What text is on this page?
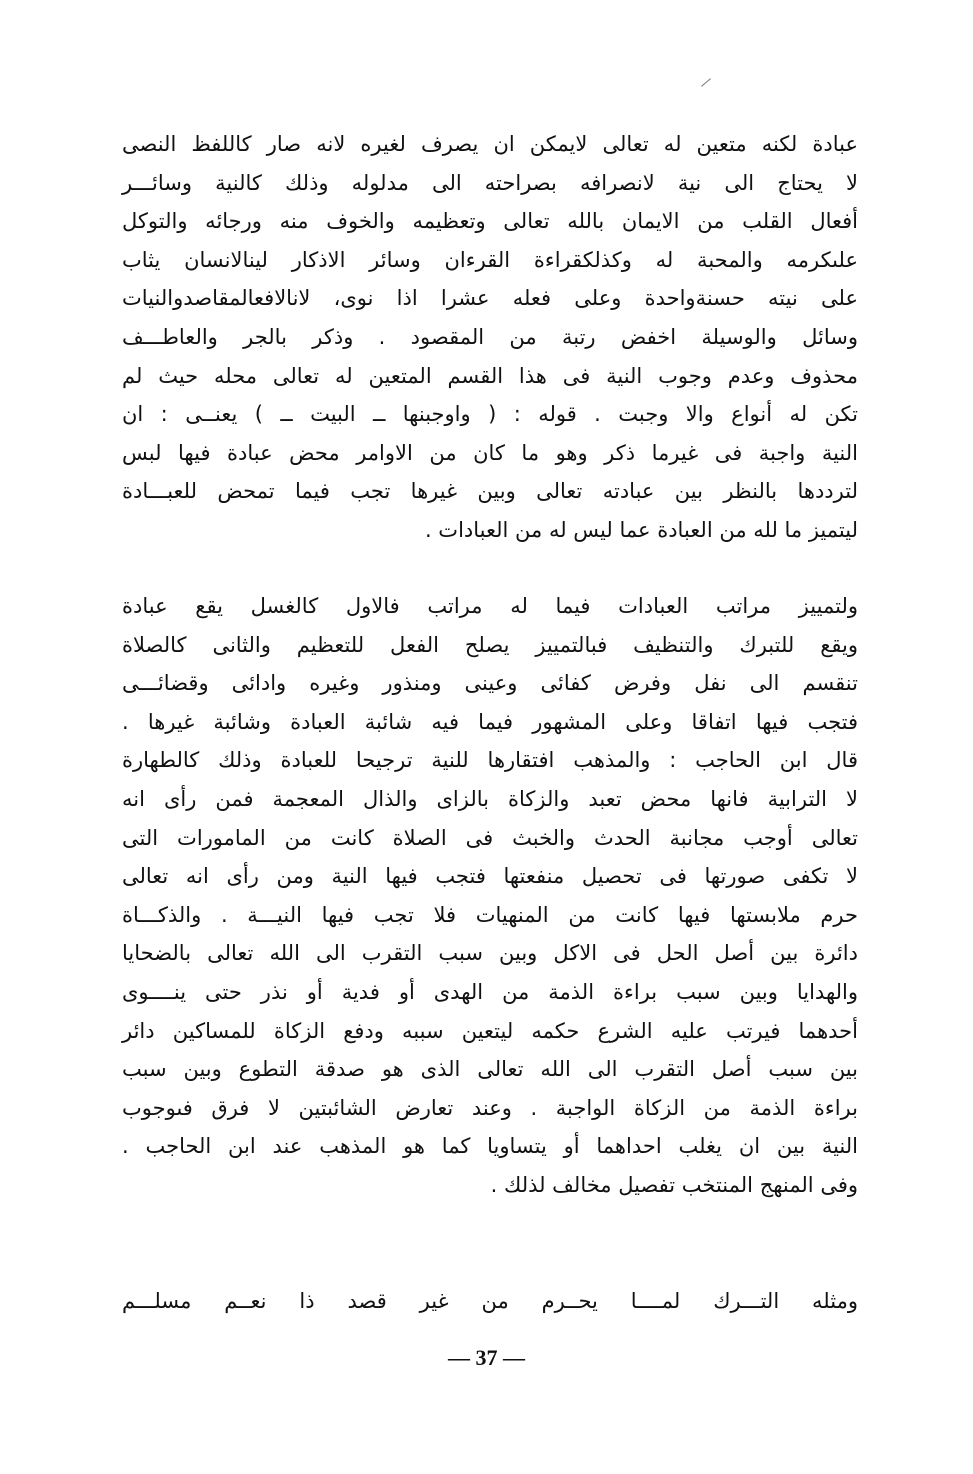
عبادة لكنه متعين له تعالى لايمكن ان يصرف لغيره لانه صار كاللفظ النصى
لا يحتاج الى نية لانصرافه بصراحته الى مدلوله وذلك كالنية وسائـــر
أفعال القلب من الايمان بالله تعالى وتعظيمه والخوف منه ورجائه والتوكل
علىكرمه والمحبة له وكذلكقراءة القرءان وسائر الاذكار لينالانسان يثاب
على نيته حسنةواحدة وعلى فعله عشرا اذا نوى، لانالافعالمقاصدوالنيات
وسائل والوسيلة اخفض رتبة من المقصود . وذكر بالجر والعاطـــف
محذوف وعدم وجوب النية فى هذا القسم المتعين له تعالى محله حيث لم
تكن له أنواع والا وجبت . قوله : ( واوجبنها ــ البيت ــ ) يعنــى : ان
النية واجبة فى غيرما ذكر وهو ما كان من الاوامر محض عبادة فيها لبس
لترددها بالنظر بين عبادته تعالى وبين غيرها تجب فيما تمحض للعبـــادة
ليتميز ما لله من العبادة عما ليس له من العبادات .
ولتمييز مراتب العبادات فيما له مراتب فالاول كالغسل يقع عبادة
ويقع للتبرك والتنظيف فبالتمييز يصلح الفعل للتعظيم والثانى كالصلاة
تنقسم الى نفل وفرض كفائى وعينى ومنذور وغيره وادائى وقضائـــى
فتجب فيها اتفاقا وعلى المشهور فيما فيه شائبة العبادة وشائبة غيرها .
قال ابن الحاجب : والمذهب افتقارها للنية ترجيحا للعبادة وذلك كالطهارة
لا الترابية فانها محض تعبد والزكاة بالزاى والذال المعجمة فمن رأى انه
تعالى أوجب مجانبة الحدث والخبث فى الصلاة كانت من المامورات التى
لا تكفى صورتها فى تحصيل منفعتها فتجب فيها النية ومن رأى انه تعالى
حرم ملابستها فيها كانت من المنهيات فلا تجب فيها النيـــة . والذكـــاة
دائرة بين أصل الحل فى الاكل وبين سبب التقرب الى الله تعالى بالضحايا
والهدايا وبين سبب براءة الذمة من الهدى أو فدية أو نذر حتى ينــــوى
أحدهما فيرتب عليه الشرع حكمه ليتعين سببه ودفع الزكاة للمساكين دائر
بين سبب أصل التقرب الى الله تعالى الذى هو صدقة التطوع وبين سبب
براءة الذمة من الزكاة الواجبة . وعند تعارض الشائبتين لا فرق فىوجوب
النية بين ان يغلب احداهما أو يتساويا كما هو المذهب عند ابن الحاجب .
وفى المنهج المنتخب تفصيل مخالف لذلك .
ومثله التـــرك لمــــا يحــرم من غير قصد ذا نعــم مسلـــم
— 37 —
